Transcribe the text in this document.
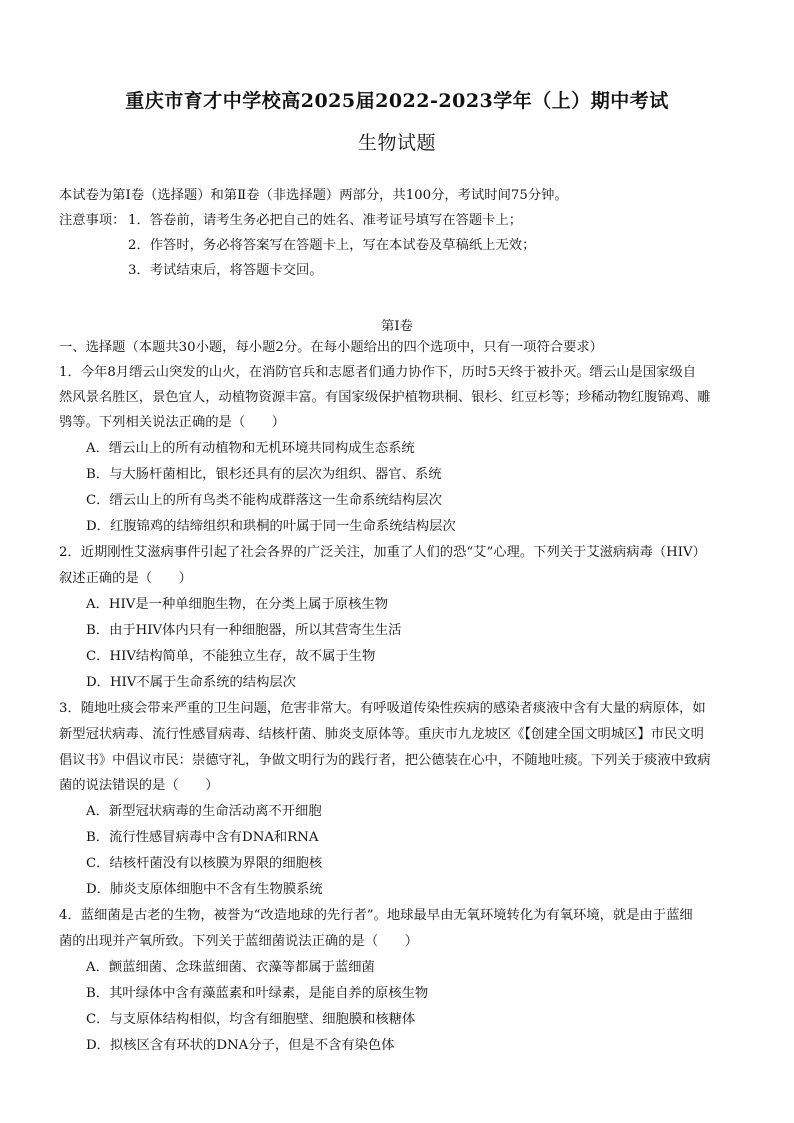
重庆市育才中学校高2025届2022-2023学年（上）期中考试
生物试题
本试卷为第Ⅰ卷（选择题）和第Ⅱ卷（非选择题）两部分，共100分，考试时间75分钟。
注意事项： 1．答卷前，请考生务必把自己的姓名、准考证号填写在答题卡上；
2．作答时，务必将答案写在答题卡上，写在本试卷及草稿纸上无效；
3．考试结束后，将答题卡交回。
第Ⅰ卷
一、选择题（本题共30小题，每小题2分。在每小题给出的四个选项中，只有一项符合要求）
1．今年8月缙云山突发的山火，在消防官兵和志愿者们通力协作下，历时5天终于被扑灭。缙云山是国家级自
然风景名胜区，景色宜人，动植物资源丰富。有国家级保护植物珙桐、银杉、红豆杉等；珍稀动物红腹锦鸡、雕
鸮等。下列相关说法正确的是（　　）
A．缙云山上的所有动植物和无机环境共同构成生态系统
B．与大肠杆菌相比，银杉还具有的层次为组织、器官、系统
C．缙云山上的所有鸟类不能构成群落这一生命系统结构层次
D．红腹锦鸡的结缔组织和珙桐的叶属于同一生命系统结构层次
2．近期刚性艾滋病事件引起了社会各界的广泛关注，加重了人们的恐“艾”心理。下列关于艾滋病病毒（HIV）
叙述正确的是（　　）
A．HIV是一种单细胞生物，在分类上属于原核生物
B．由于HIV体内只有一种细胞器，所以其营寄生生活
C．HIV结构简单，不能独立生存，故不属于生物
D．HIV不属于生命系统的结构层次
3．随地吐痰会带来严重的卫生问题，危害非常大。有呼吸道传染性疾病的感染者痰液中含有大量的病原体，如
新型冠状病毒、流行性感冒病毒、结核杆菌、肺炎支原体等。重庆市九龙坡区《【创建全国文明城区】市民文明
倡议书》中倡议市民：崇德守礼，争做文明行为的践行者，把公德装在心中，不随地吐痰。下列关于痰液中致病
菌的说法错误的是（　　）
A．新型冠状病毒的生命活动离不开细胞
B．流行性感冒病毒中含有DNA和RNA
C．结核杆菌没有以核膜为界限的细胞核
D．肺炎支原体细胞中不含有生物膜系统
4．蓝细菌是古老的生物，被誉为“改造地球的先行者”。地球最早由无氧环境转化为有氧环境，就是由于蓝细
菌的出现并产氧所致。下列关于蓝细菌说法正确的是（　　）
A．颤蓝细菌、念珠蓝细菌、衣藻等都属于蓝细菌
B．其叶绿体中含有藻蓝素和叶绿素，是能自养的原核生物
C．与支原体结构相似，均含有细胞壁、细胞膜和核糖体
D．拟核区含有环状的DNA分子，但是不含有染色体
